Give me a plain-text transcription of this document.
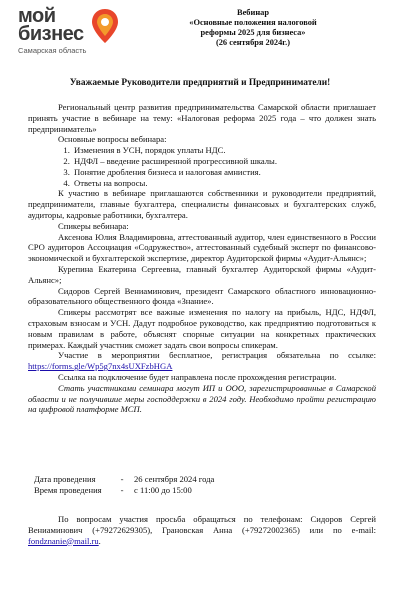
мой
бизнес
Самарская область
Вебинар
«Основные положения налоговой
реформы 2025 для бизнеса»
(26 сентября 2024г.)
Уважаемые Руководители предприятий и Предприниматели!

Региональный центр развития предпринимательства Самарской области приглашает принять участие в вебинаре на тему: «Налоговая реформа 2025 года – что должен знать предприниматель»

Основные вопросы вебинара:

1. Изменения в УСН, порядок уплаты НДС.
2. НДФЛ – введение расширенной прогрессивной шкалы.
3. Понятие дробления бизнеса и налоговая амнистия.
4. Ответы на вопросы.

К участию в вебинаре приглашаются собственники и руководители предприятий, предприниматели, главные бухгалтера, специалисты финансовых и бухгалтерских служб, аудиторы, кадровые работники, бухгалтера.

Спикеры вебинара:

Аксенова Юлия Владимировна, аттестованный аудитор, член единственного в России СРО аудиторов Ассоциация «Содружество», аттестованный судебный эксперт по финансово-экономической и бухгалтерской экспертизе, директор Аудиторской фирмы «Аудит-Альянс»;

Курепина Екатерина Сергеевна, главный бухгалтер Аудиторской фирмы «Аудит-Альянс»;

Сидоров Сергей Вениаминович, президент Самарского областного инновационно-образовательного общественного фонда «Знание».

Спикеры рассмотрят все важные изменения по налогу на прибыль, НДС, НДФЛ, страховым взносам и УСН. Дадут подробное руководство, как предприятию подготовиться к новым правилам в работе, объяснят спорные ситуации на конкретных практических примерах. Каждый участник сможет задать свои вопросы спикерам.

Участие в мероприятии бесплатное, регистрация обязательна по ссылке: https://forms.gle/Wp5g7nx4sUXFzbHGA

Ссылка на подключение будет направлена после прохождения регистрации.

Стать участниками семинара могут ИП и ООО, зарегистрированные в Самарской области и не получившие меры господдержки в 2024 году. Необходимо пройти регистрацию на цифровой платформе МСП.

Дата проведения	- 26 сентября 2024 года
Время проведения - с 11:00 до 15:00
По вопросам участия просьба обращаться по телефонам: Сидоров Сергей Вениаминович (+79272629305), Грановская Анна (+79272002365) или по e-mail: fondznanie@mail.ru.
